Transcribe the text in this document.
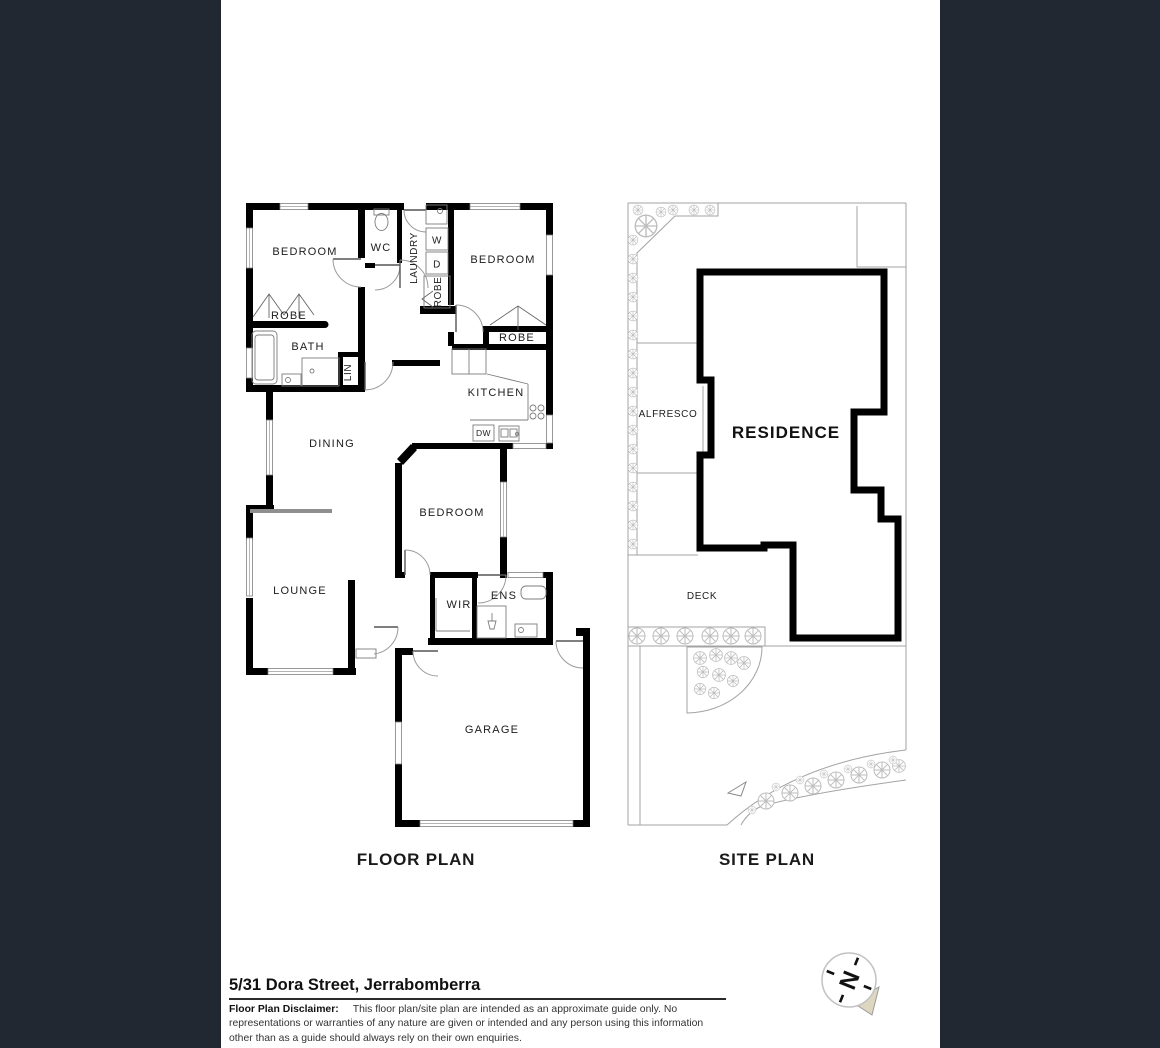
BEDROOM	WC LAUNDRY W
D
ROBE
BEDROOM
ROBE
BATH
LIN
ROBE
KITCHEN
DW
DINING
BEDROOM
LOUNGE
WIR
ENS
GARAGE
ALFRESCO
RESIDENCE
DECK
N
FLOOR PLAN	SITE PLAN
5/31 Dora Street, Jerrabomberra
Floor Plan Disclaimer: This floor plan/site plan are intended as an approximate guide only. No representations or warranties of any nature are given or intended and any person using this information other than as a guide should always rely on their own enquiries.
